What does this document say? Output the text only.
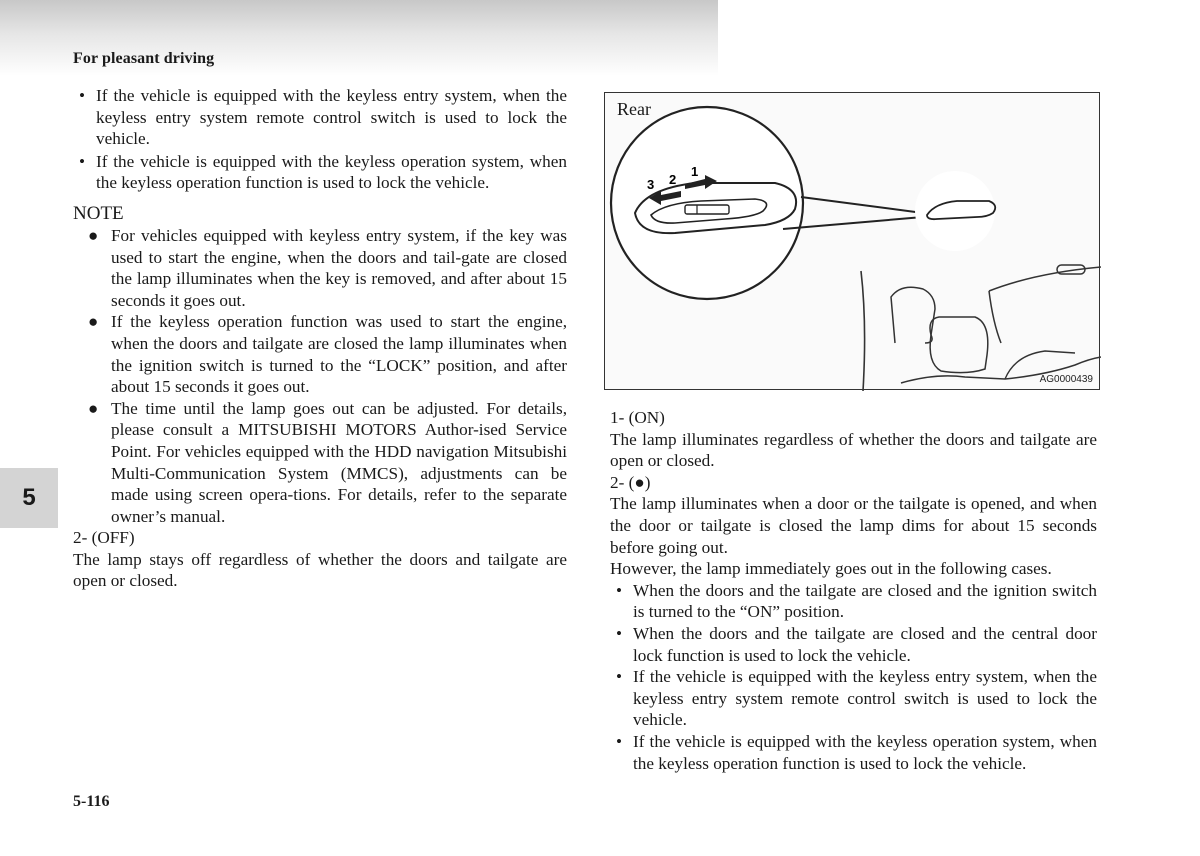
For pleasant driving
5
• If the vehicle is equipped with the keyless entry system, when the keyless entry system remote control switch is used to lock the vehicle.
• If the vehicle is equipped with the keyless operation system, when the keyless operation function is used to lock the vehicle.
NOTE
● For vehicles equipped with keyless entry system, if the key was used to start the engine, when the doors and tail-gate are closed the lamp illuminates when the key is removed, and after about 15 seconds it goes out.
● If the keyless operation function was used to start the engine, when the doors and tailgate are closed the lamp illuminates when the ignition switch is turned to the “LOCK” position, and after about 15 seconds it goes out.
● The time until the lamp goes out can be adjusted. For details, please consult a MITSUBISHI MOTORS Author-ised Service Point. For vehicles equipped with the HDD navigation Mitsubishi Multi-Communication System (MMCS), adjustments can be made using screen opera-tions. For details, refer to the separate owner’s manual.
2- (OFF)
The lamp stays off regardless of whether the doors and tailgate are open or closed.
3 2
1
Rear
AG0000439
1- (ON)
The lamp illuminates regardless of whether the doors and tailgate are open or closed.
2- (●)
The lamp illuminates when a door or the tailgate is opened, and when the door or tailgate is closed the lamp dims for about 15 seconds before going out.
However, the lamp immediately goes out in the following cases.
• When the doors and the tailgate are closed and the ignition switch is turned to the “ON” position.
• When the doors and the tailgate are closed and the central door lock function is used to lock the vehicle.
• If the vehicle is equipped with the keyless entry system, when the keyless entry system remote control switch is used to lock the vehicle.
• If the vehicle is equipped with the keyless operation system, when the keyless operation function is used to lock the vehicle.
5-116
